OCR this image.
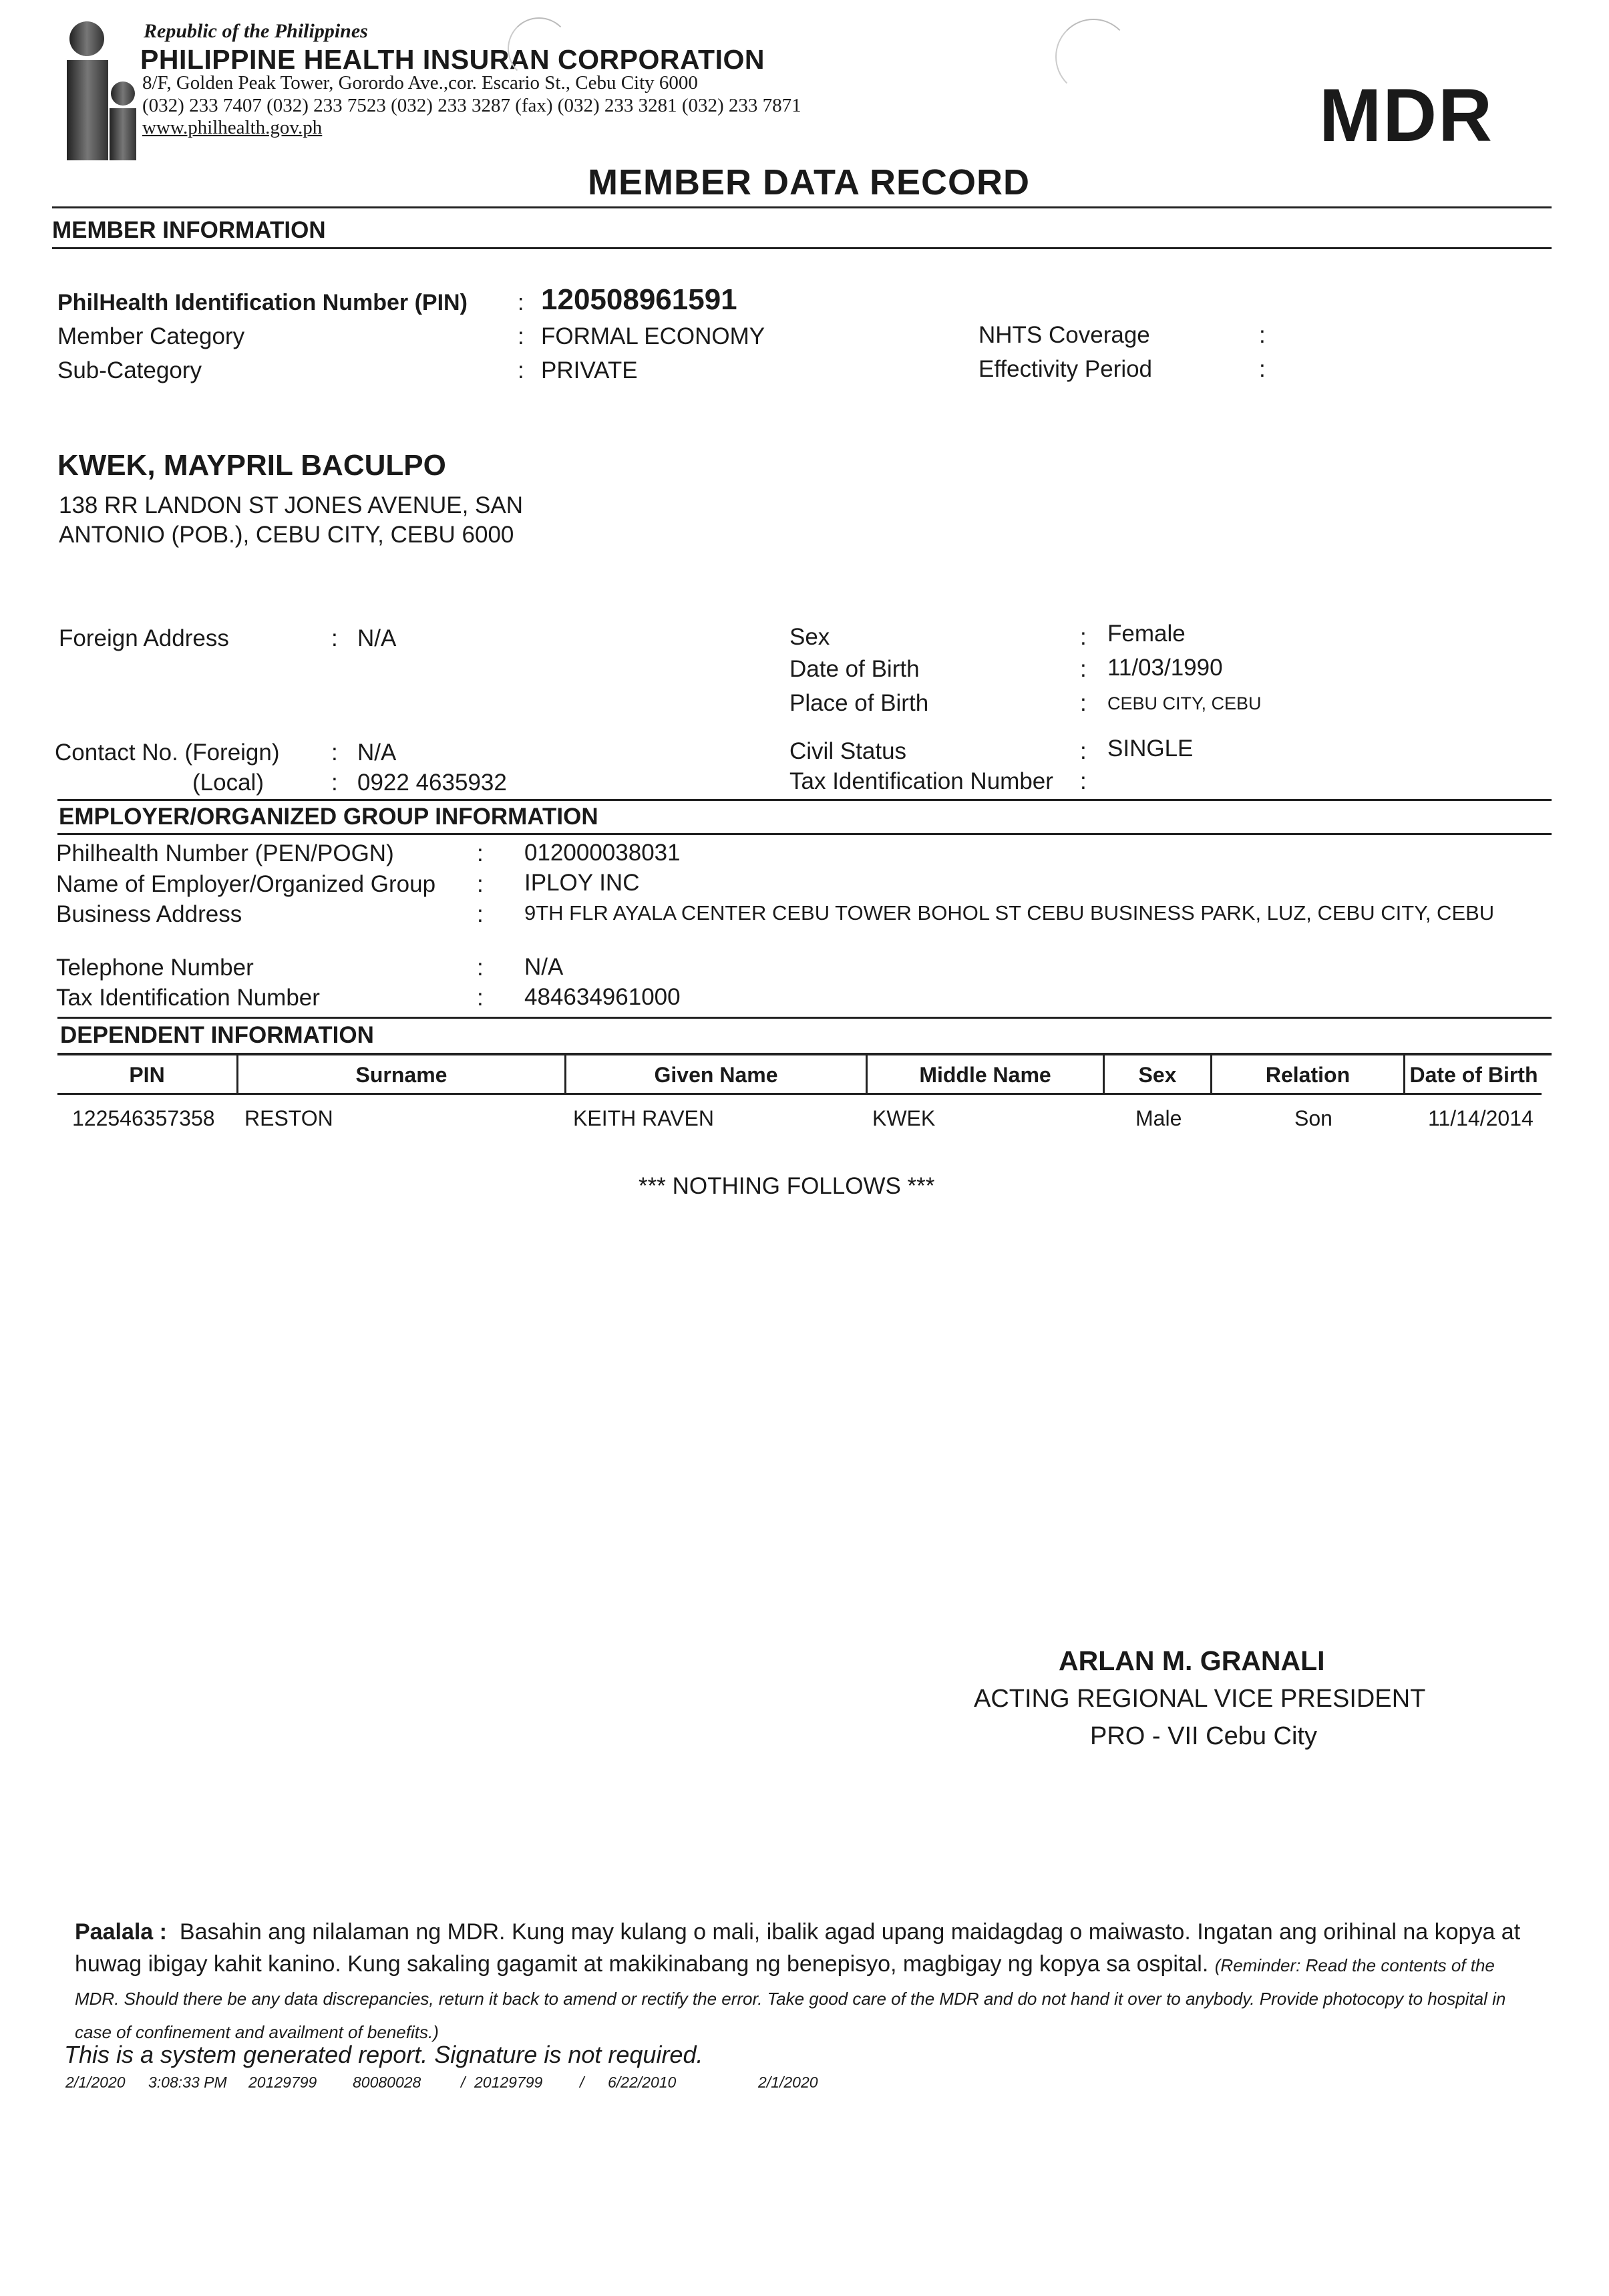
Republic of the Philippines
PHILIPPINE HEALTH INSURAN CORPORATION
8/F, Golden Peak Tower, Gorordo Ave.,cor. Escario St., Cebu City 6000
(032) 233 7407 (032) 233 7523 (032) 233 3287 (fax) (032) 233 3281 (032) 233 7871
www.philhealth.gov.ph	MDR
MEMBER DATA RECORD
MEMBER INFORMATION
PhilHealth Identification Number (PIN) : 120508961591
Member Category	: FORMAL ECONOMY
Sub-Category	: PRIVATE
NHTS Coverage	:
Effectivity Period	:
KWEK, MAYPRIL BACULPO
138 RR LANDON ST JONES AVENUE, SAN
ANTONIO (POB.), CEBU CITY, CEBU 6000
Foreign Address	: N/A	Sex	: Female
Date of Birth	: 11/03/1990
Place of Birth	: CEBU CITY, CEBU
Contact No. (Foreign) : N/A
(Local)	: 0922 4635932
Civil Status	: SINGLE
Tax Identification Number :
EMPLOYER/ORGANIZED GROUP INFORMATION
Philhealth Number (PEN/POGN)	: 012000038031
Name of Employer/Organized Group : IPLOY INC
Business Address	: 9TH FLR AYALA CENTER CEBU TOWER BOHOL ST CEBU BUSINESS PARK, LUZ, CEBU CITY, CEBU
Telephone Number	: N/A
Tax Identification Number	: 484634961000
DEPENDENT INFORMATION
PIN	Surname	Given Name	Middle Name	Sex	Relation	Date of Birth
122546357358 RESTON	KEITH RAVEN	KWEK	Male	Son	11/14/2014
*** NOTHING FOLLOWS ***
ARLAN M. GRANALI
ACTING REGIONAL VICE PRESIDENT
PRO - VII Cebu City
Paalala : Basahin ang nilalaman ng MDR. Kung may kulang o mali, ibalik agad upang maidagdag o maiwasto. Ingatan ang orihinal na kopya at huwag ibigay kahit kanino. Kung sakaling gagamit at makikinabang ng benepisyo, magbigay ng kopya sa ospital. (Reminder: Read the contents of the MDR. Should there be any data discrepancies, return it back to amend or rectify the error. Take good care of the MDR and do not hand it over to anybody. Provide photocopy to hospital in case of confinement and availment of benefits.)
This is a system generated report. Signature is not required.
2/1/2020 3:08:33 PM 20129799 80080028	/ 20129799 / 6/22/2010	2/1/2020
